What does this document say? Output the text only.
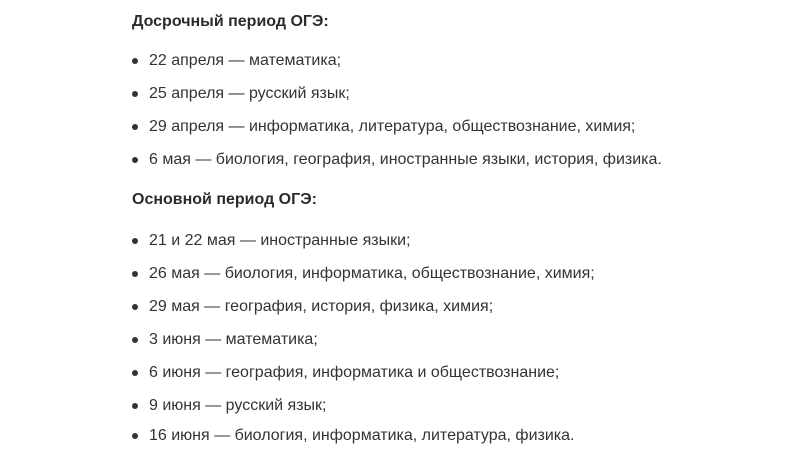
Досрочный период ОГЭ:
22 апреля — математика;
25 апреля — русский язык;
29 апреля — информатика, литература, обществознание, химия;
6 мая — биология, география, иностранные языки, история, физика.
Основной период ОГЭ:
21 и 22 мая — иностранные языки;
26 мая — биология, информатика, обществознание, химия;
29 мая — география, история, физика, химия;
3 июня — математика;
6 июня — география, информатика и обществознание;
9 июня — русский язык;
16 июня — биология, информатика, литература, физика.
